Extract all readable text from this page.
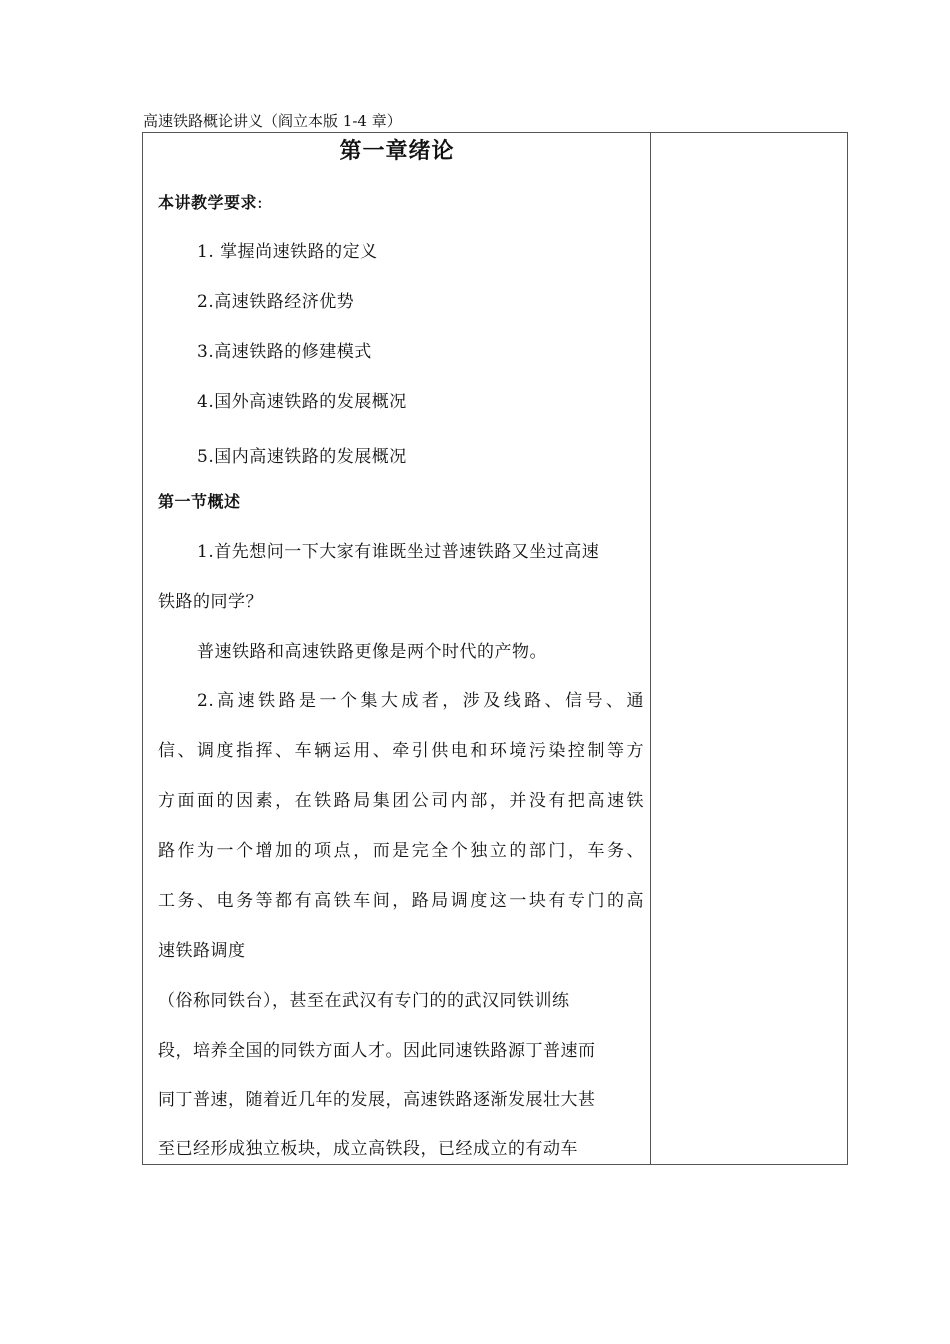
高速铁路概论讲义（阎立本版 1-4 章）
第一章绪论
本讲教学要求:
1. 掌握尚速铁路的定义
2.高速铁路经济优势
3.高速铁路的修建模式
4.国外高速铁路的发展概况
5.国内高速铁路的发展概况
第一节概述
1.首先想问一下大家有谁既坐过普速铁路又坐过高速
铁路的同学？
普速铁路和高速铁路更像是两个时代的产物。
2.高速铁路是一个集大成者，涉及线路、信号、通
信、调度指挥、车辆运用、牵引供电和环境污染控制等方
方面面的因素，在铁路局集团公司内部，并没有把高速铁
路作为一个增加的项点，而是完全个独立的部门，车务、
工务、电务等都有高铁车间，路局调度这一块有专门的高
速铁路调度
（俗称同铁台），甚至在武汉有专门的的武汉同铁训练
段，培养全国的同铁方面人才。因此同速铁路源丁普速而
同丁普速，随着近几年的发展，高速铁路逐渐发展壮大甚
至已经形成独立板块，成立高铁段，已经成立的有动车
